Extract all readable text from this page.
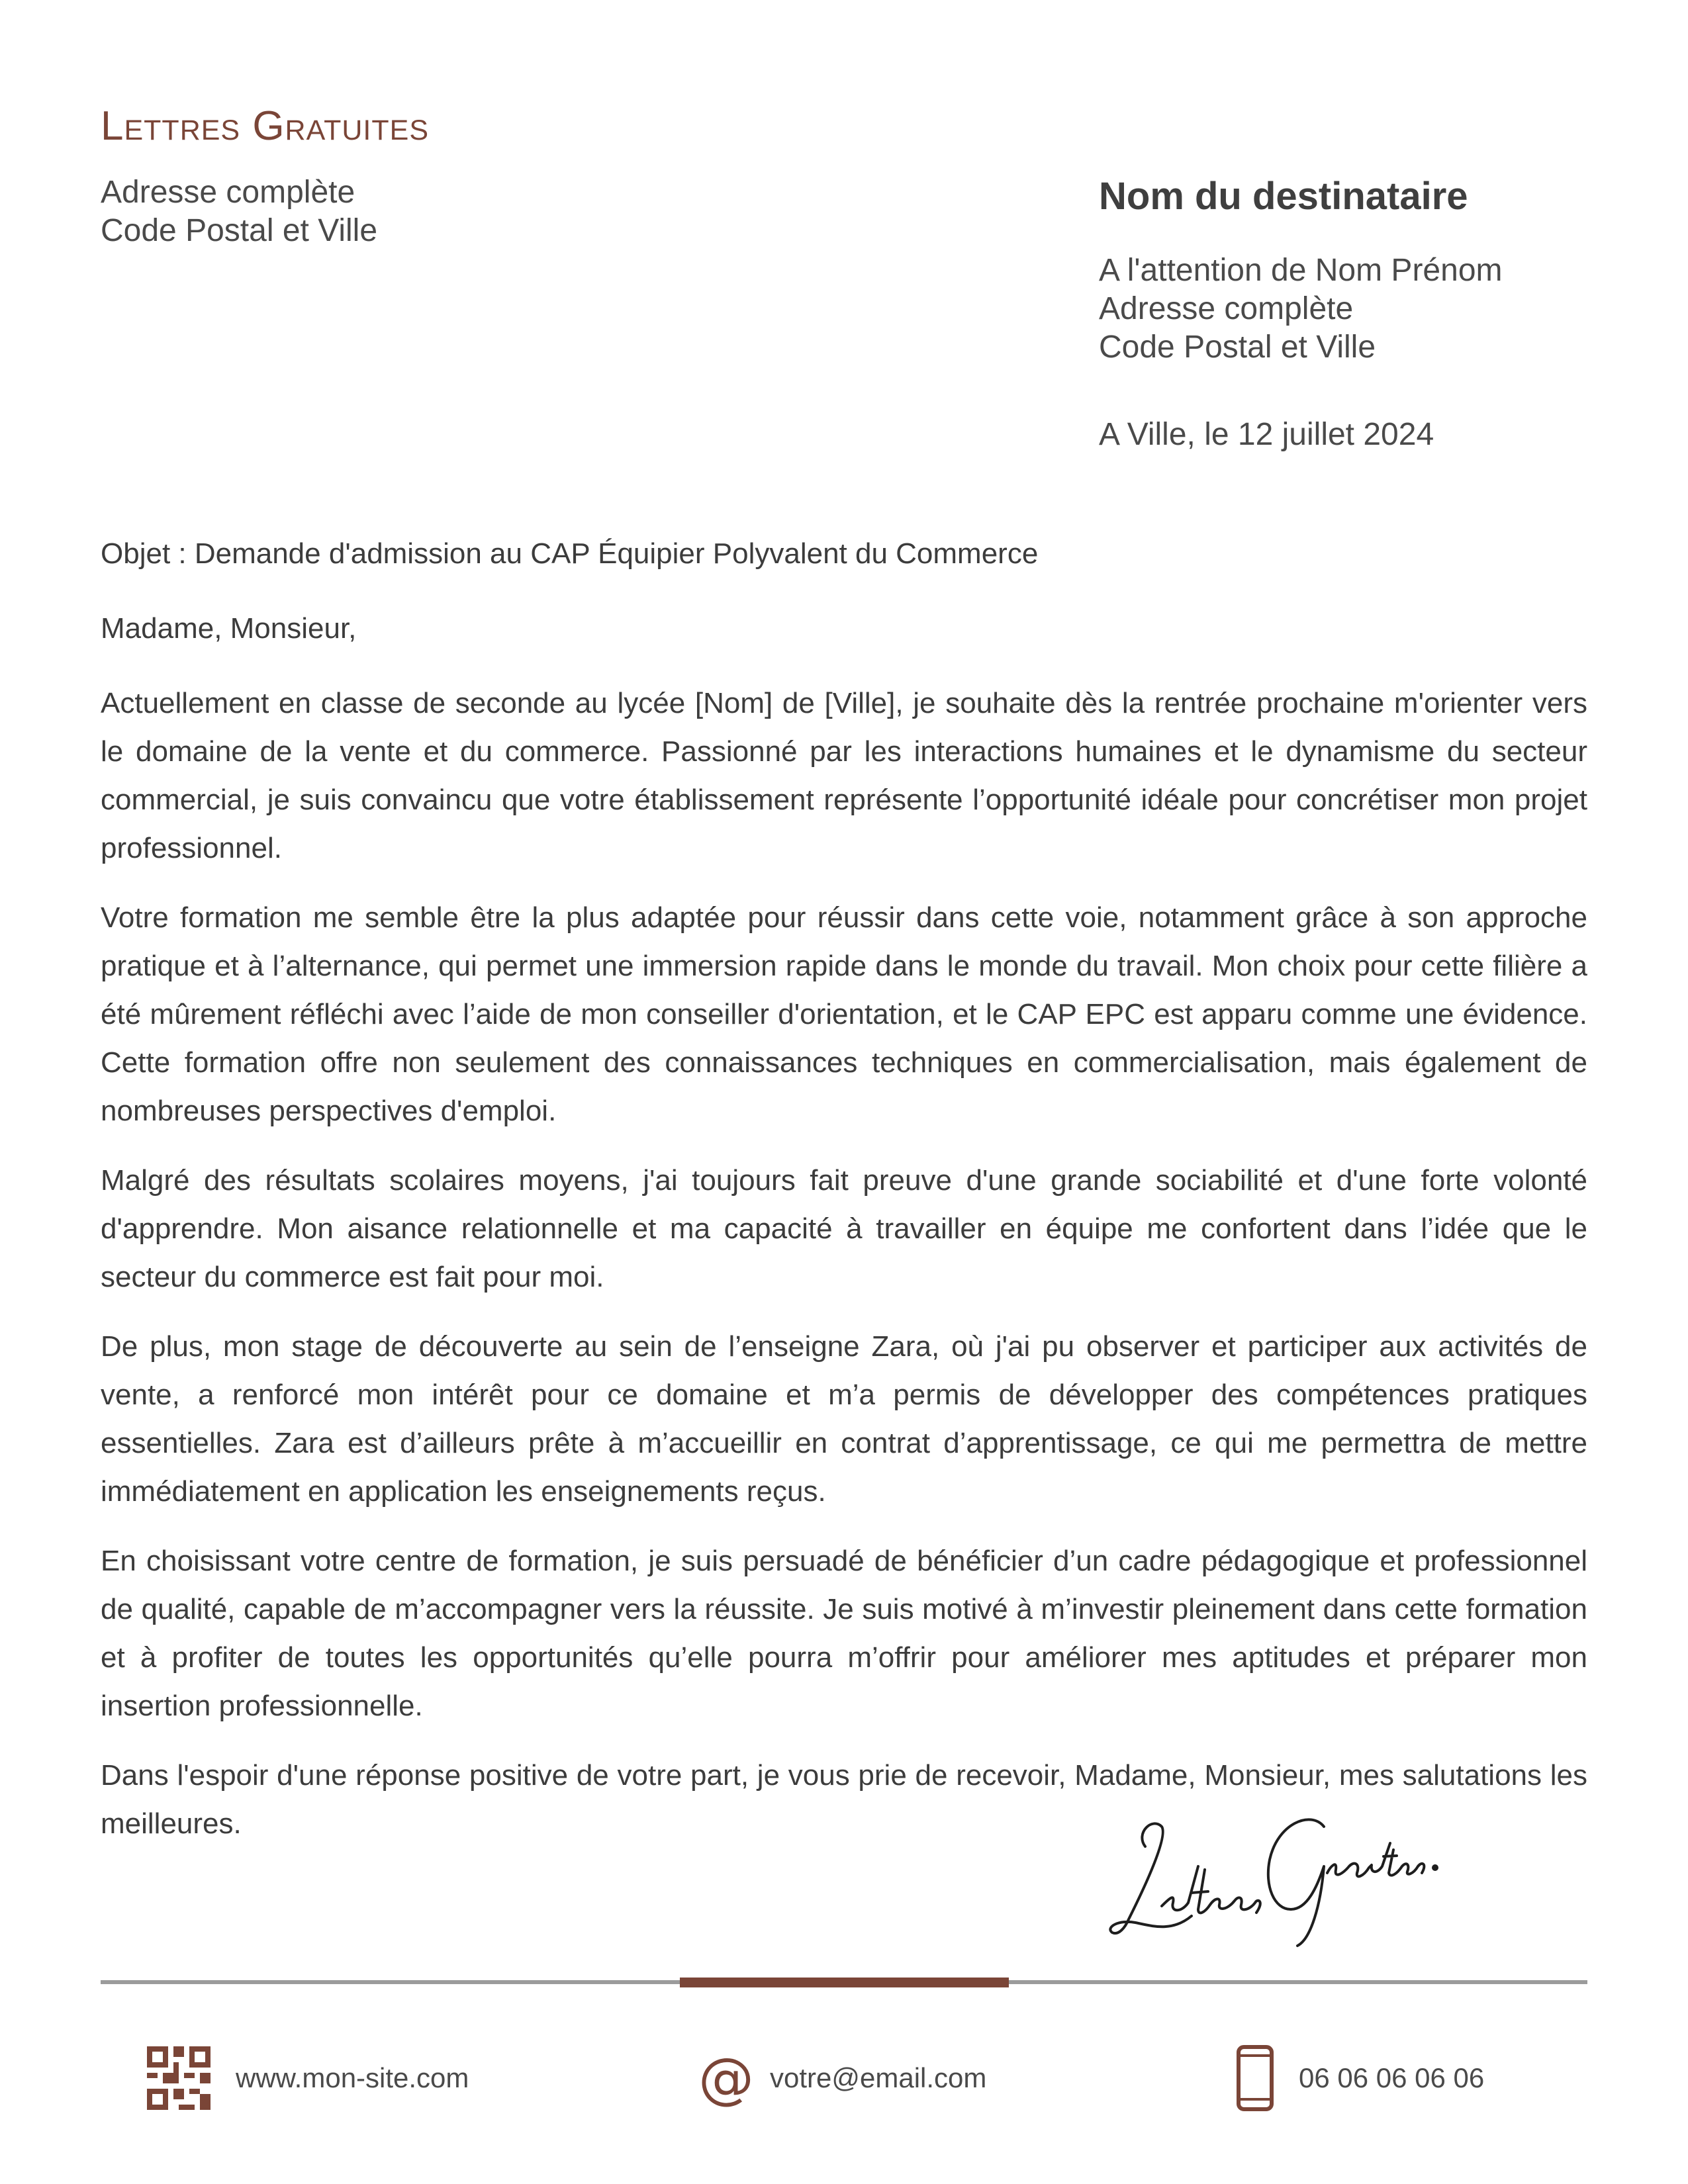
Lettres Gratuites
Adresse complète
Code Postal et Ville
Nom du destinataire
A l'attention de Nom Prénom
Adresse complète
Code Postal et Ville
A Ville, le 12 juillet 2024

Objet : Demande d'admission au CAP Équipier Polyvalent du Commerce

Madame, Monsieur,

Actuellement en classe de seconde au lycée [Nom] de [Ville], je souhaite dès la rentrée prochaine m'orienter vers le domaine de la vente et du commerce. Passionné par les interactions humaines et le dynamisme du secteur commercial, je suis convaincu que votre établissement représente l’opportunité idéale pour concrétiser mon projet professionnel.

Votre formation me semble être la plus adaptée pour réussir dans cette voie, notamment grâce à son approche pratique et à l’alternance, qui permet une immersion rapide dans le monde du travail. Mon choix pour cette filière a été mûrement réfléchi avec l’aide de mon conseiller d'orientation, et le CAP EPC est apparu comme une évidence. Cette formation offre non seulement des connaissances techniques en commercialisation, mais également de nombreuses perspectives d'emploi.

Malgré des résultats scolaires moyens, j'ai toujours fait preuve d'une grande sociabilité et d'une forte volonté d'apprendre. Mon aisance relationnelle et ma capacité à travailler en équipe me confortent dans l’idée que le secteur du commerce est fait pour moi.

De plus, mon stage de découverte au sein de l’enseigne Zara, où j'ai pu observer et participer aux activités de vente, a renforcé mon intérêt pour ce domaine et m’a permis de développer des compétences pratiques essentielles. Zara est d’ailleurs prête à m’accueillir en contrat d’apprentissage, ce qui me permettra de mettre immédiatement en application les enseignements reçus.

En choisissant votre centre de formation, je suis persuadé de bénéficier d’un cadre pédagogique et professionnel de qualité, capable de m’accompagner vers la réussite. Je suis motivé à m’investir pleinement dans cette formation et à profiter de toutes les opportunités qu’elle pourra m’offrir pour améliorer mes aptitudes et préparer mon insertion professionnelle.

Dans l'espoir d'une réponse positive de votre part, je vous prie de recevoir, Madame, Monsieur, mes salutations les meilleures.

www.mon-site.com	@ votre@email.com	06 06 06 06 06
